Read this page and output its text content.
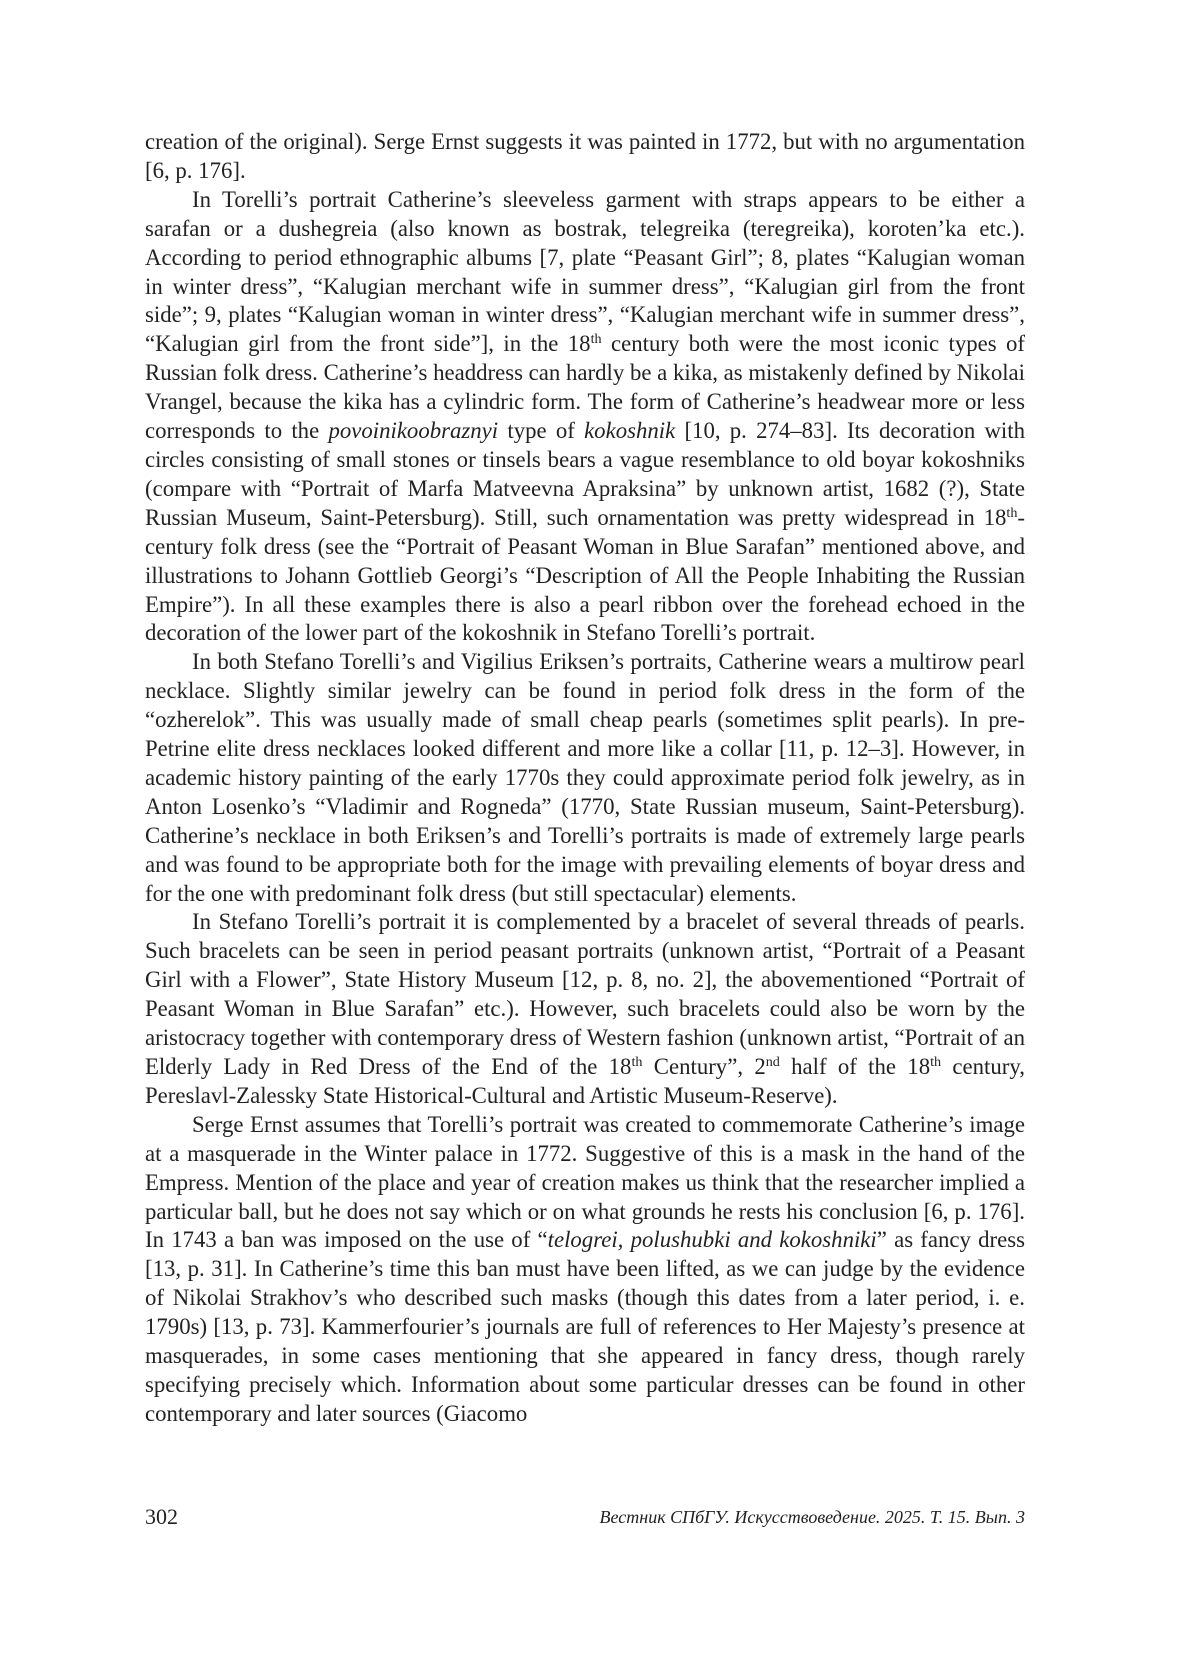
creation of the original). Serge Ernst suggests it was painted in 1772, but with no argumentation [6, p. 176].

In Torelli’s portrait Catherine’s sleeveless garment with straps appears to be either a sarafan or a dushegreia (also known as bostrak, telegreika (teregreika), koroten’ka etc.). According to period ethnographic albums [7, plate “Peasant Girl”; 8, plates “Kalugian woman in winter dress”, “Kalugian merchant wife in summer dress”, “Kalugian girl from the front side”; 9, plates “Kalugian woman in winter dress”, “Kalugian merchant wife in summer dress”, “Kalugian girl from the front side”], in the 18th century both were the most iconic types of Russian folk dress. Catherine’s headdress can hardly be a kika, as mistakenly defined by Nikolai Vrangel, because the kika has a cylindric form. The form of Catherine’s headwear more or less corresponds to the povoinikoobraznyi type of kokoshnik [10, p. 274–83]. Its decoration with circles consisting of small stones or tinsels bears a vague resemblance to old boyar kokoshniks (compare with “Portrait of Marfa Matveevna Apraksina” by unknown artist, 1682 (?), State Russian Museum, Saint-Petersburg). Still, such ornamentation was pretty widespread in 18th-century folk dress (see the “Portrait of Peasant Woman in Blue Sarafan” mentioned above, and illustrations to Johann Gottlieb Georgi’s “Description of All the People Inhabiting the Russian Empire”). In all these examples there is also a pearl ribbon over the forehead echoed in the decoration of the lower part of the kokoshnik in Stefano Torelli’s portrait.

In both Stefano Torelli’s and Vigilius Eriksen’s portraits, Catherine wears a multirow pearl necklace. Slightly similar jewelry can be found in period folk dress in the form of the “ozherelok”. This was usually made of small cheap pearls (sometimes split pearls). In pre-Petrine elite dress necklaces looked different and more like a collar [11, p. 12–3]. However, in academic history painting of the early 1770s they could approximate period folk jewelry, as in Anton Losenko’s “Vladimir and Rogneda” (1770, State Russian museum, Saint-Petersburg). Catherine’s necklace in both Eriksen’s and Torelli’s portraits is made of extremely large pearls and was found to be appropriate both for the image with prevailing elements of boyar dress and for the one with predominant folk dress (but still spectacular) elements.

In Stefano Torelli’s portrait it is complemented by a bracelet of several threads of pearls. Such bracelets can be seen in period peasant portraits (unknown artist, “Portrait of a Peasant Girl with a Flower”, State History Museum [12, p. 8, no. 2], the abovementioned “Portrait of Peasant Woman in Blue Sarafan” etc.). However, such bracelets could also be worn by the aristocracy together with contemporary dress of Western fashion (unknown artist, “Portrait of an Elderly Lady in Red Dress of the End of the 18th Century”, 2nd half of the 18th century, Pereslavl-Zalessky State Historical-Cultural and Artistic Museum-Reserve).

Serge Ernst assumes that Torelli’s portrait was created to commemorate Catherine’s image at a masquerade in the Winter palace in 1772. Suggestive of this is a mask in the hand of the Empress. Mention of the place and year of creation makes us think that the researcher implied a particular ball, but he does not say which or on what grounds he rests his conclusion [6, p. 176]. In 1743 a ban was imposed on the use of “telogrei, polushubki and kokoshniki” as fancy dress [13, p. 31]. In Catherine’s time this ban must have been lifted, as we can judge by the evidence of Nikolai Strakhov’s who described such masks (though this dates from a later period, i. e. 1790s) [13, p. 73]. Kammerfourier’s journals are full of references to Her Majesty’s presence at masquerades, in some cases mentioning that she appeared in fancy dress, though rarely specifying precisely which. Information about some particular dresses can be found in other contemporary and later sources (Giacomo

302	Вестник СПбГУ. Искусствоведение. 2025. Т. 15. Вып. 3
